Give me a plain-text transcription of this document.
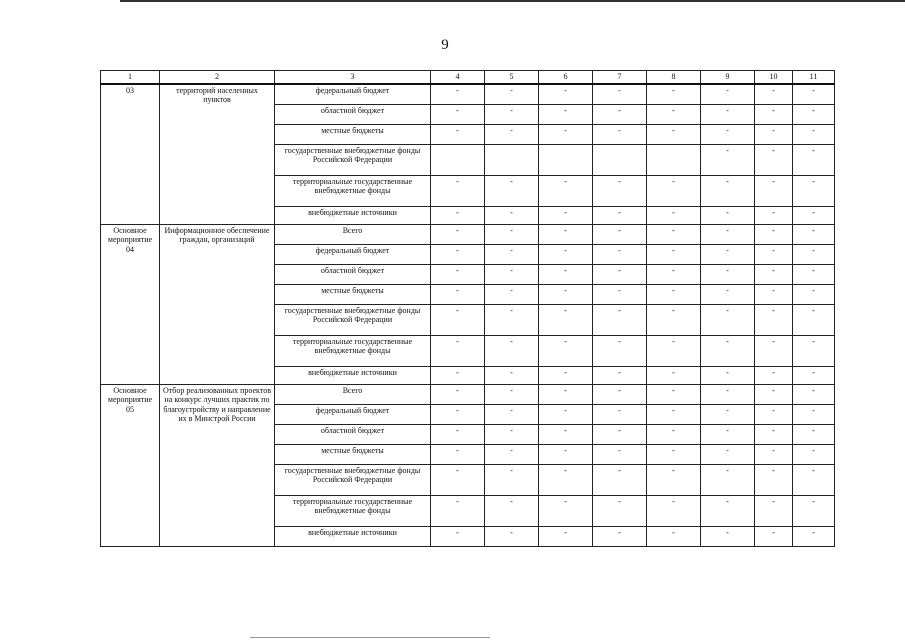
9
1	2	3	4	5	6	7	8	9	10	11
03	территорий населенных пунктов	федеральный бюджет	-	-	-	-	-	-	-	-
		областной бюджет	-	-	-	-	-	-	-	-
		местные бюджеты	-	-	-	-	-	-	-	-
		государственные внебюджетные фонды Российской Федерации						-	-	-
		территориальные государственные внебюджетные фонды	-	-	-	-	-	-	-	-
		внебюджетные источники	-	-	-	-	-	-	-	-
Основное мероприятие 04	Информационное обеспечение граждан, организаций	Всего	-	-	-	-	-	-	-	-
		федеральный бюджет	-	-	-	-	-	-	-	-
		областной бюджет	-	-	-	-	-	-	-	-
		местные бюджеты	-	-	-	-	-	-	-	-
		государственные внебюджетные фонды Российской Федерации	-	-	-	-	-	-	-	-
		территориальные государственные внебюджетные фонды	-	-	-	-	-	-	-	-
		внебюджетные источники	-	-	-	-	-	-	-	-
Основное мероприятие 05	Отбор реализованных проектов на конкурс лучших практик по благоустройству и направление их в Минстрой России	Всего	-	-	-	-	-	-	-	-
		федеральный бюджет	-	-	-	-	-	-	-	-
		областной бюджет	-	-	-	-	-	-	-	-
		местные бюджеты	-	-	-	-	-	-	-	-
		государственные внебюджетные фонды Российской Федерации	-	-	-	-	-	-	-	-
		территориальные государственные внебюджетные фонды	-	-	-	-	-	-	-	-
		внебюджетные источники	-	-	-	-	-	-	-	-
